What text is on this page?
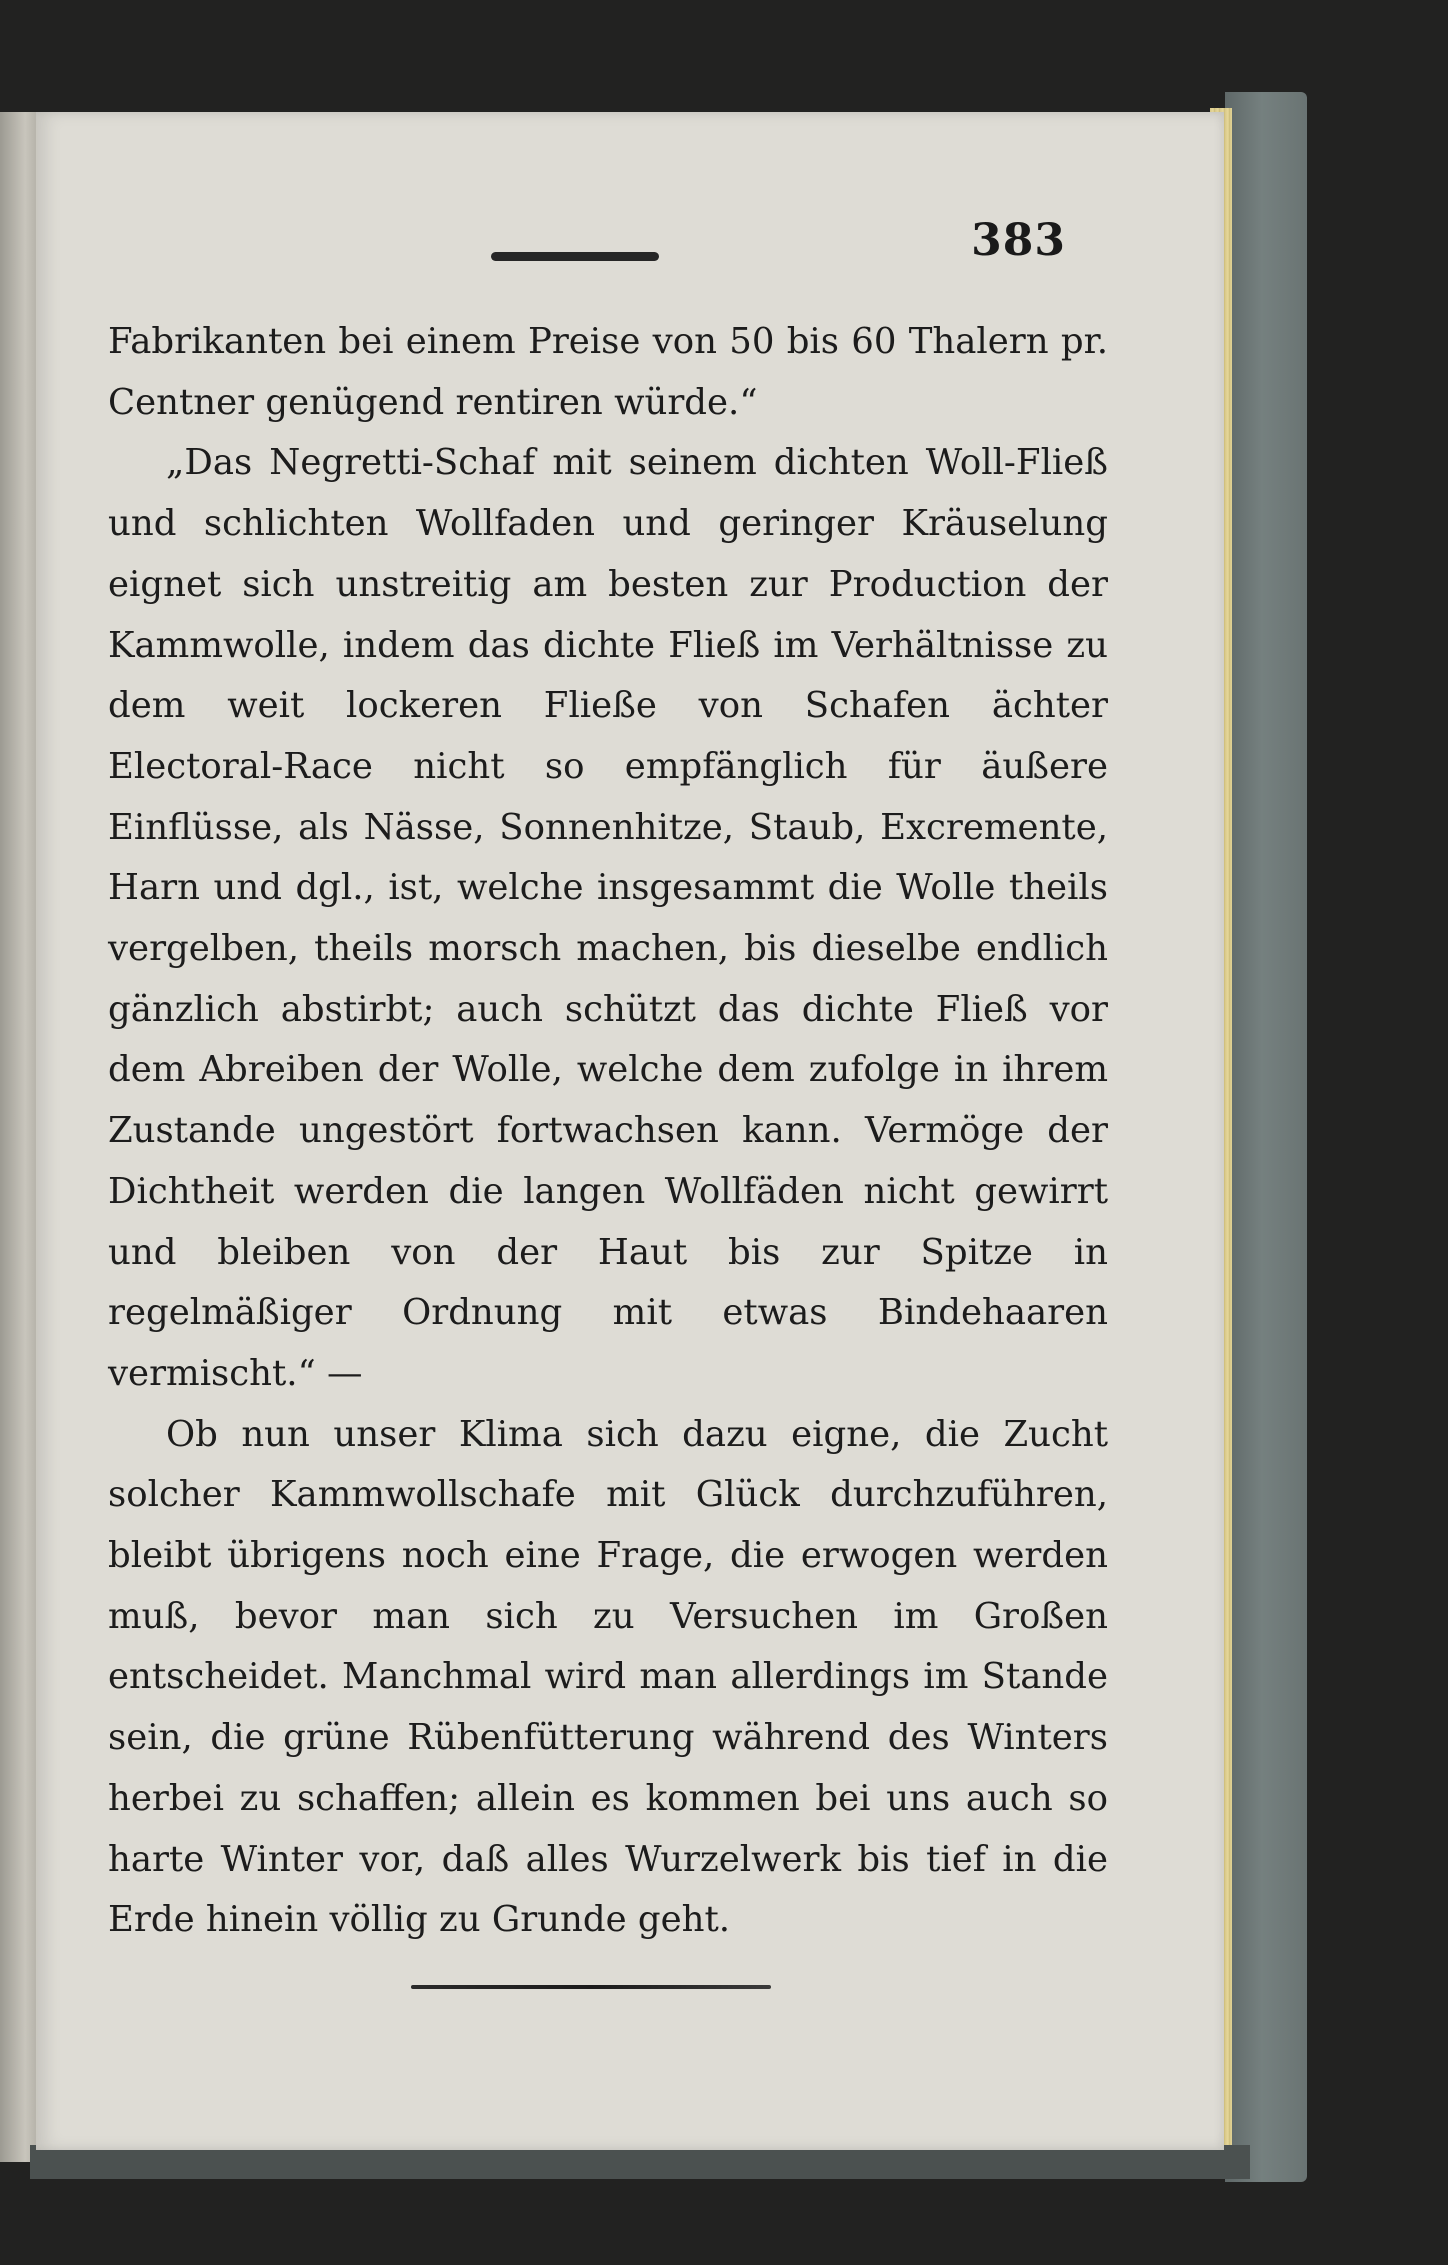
383

Fabrikanten bei einem Preise von 50 bis 60 Thalern pr. Centner genügend rentiren würde.“

„Das Negretti-Schaf mit seinem dichten Woll-Fließ und schlichten Wollfaden und geringer Kräuselung eignet sich unstreitig am besten zur Production der Kammwolle, indem das dichte Fließ im Verhältnisse zu dem weit lockeren Fließe von Schafen ächter Electoral-Race nicht so empfänglich für äußere Einflüsse, als Nässe, Sonnenhitze, Staub, Excremente, Harn und dgl., ist, welche insgesammt die Wolle theils vergelben, theils morsch machen, bis dieselbe endlich gänzlich abstirbt; auch schützt das dichte Fließ vor dem Abreiben der Wolle, welche dem zufolge in ihrem Zustande ungestört fortwachsen kann. Vermöge der Dichtheit werden die langen Wollfäden nicht gewirrt und bleiben von der Haut bis zur Spitze in regelmäßiger Ordnung mit etwas Bindehaaren vermischt.“ —

Ob nun unser Klima sich dazu eigne, die Zucht solcher Kammwollschafe mit Glück durchzuführen, bleibt übrigens noch eine Frage, die erwogen werden muß, bevor man sich zu Versuchen im Großen entscheidet. Manchmal wird man allerdings im Stande sein, die grüne Rübenfütterung während des Winters herbei zu schaffen; allein es kommen bei uns auch so harte Winter vor, daß alles Wurzelwerk bis tief in die Erde hinein völlig zu Grunde geht.
